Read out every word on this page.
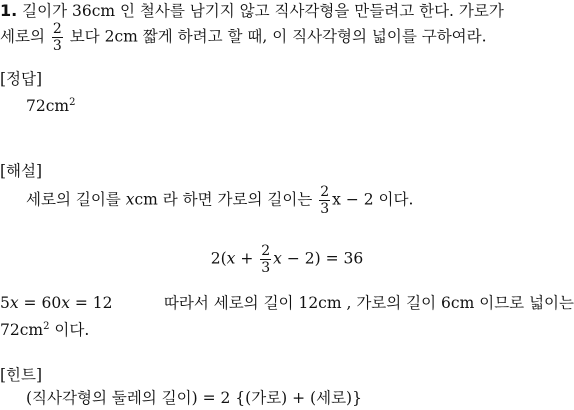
1. 길이가 36cm 인 철사를 남기지 않고 직사각형을 만들려고 한다. 가로가
세로의 $\frac{2}{3}$ 보다 2cm 짧게 하려고 할 때, 이 직사각형의 넓이를 구하여라.
[정답]
$72cm^2$
[해설]
세로의 길이를 xcm 라 하면 가로의 길이는 $\frac{2}{3}$ x − 2 이다.
$2(x + \frac{2}{3}$ x − 2) = 36
5x = 60x = 12	따라서 세로의 길이 12cm , 가로의 길이 6cm 이므로 넓이는
$72cm^2$ 이다.
[힌트]
(직사각형의 둘레의 길이) = 2 {(가로) + (세로)}
